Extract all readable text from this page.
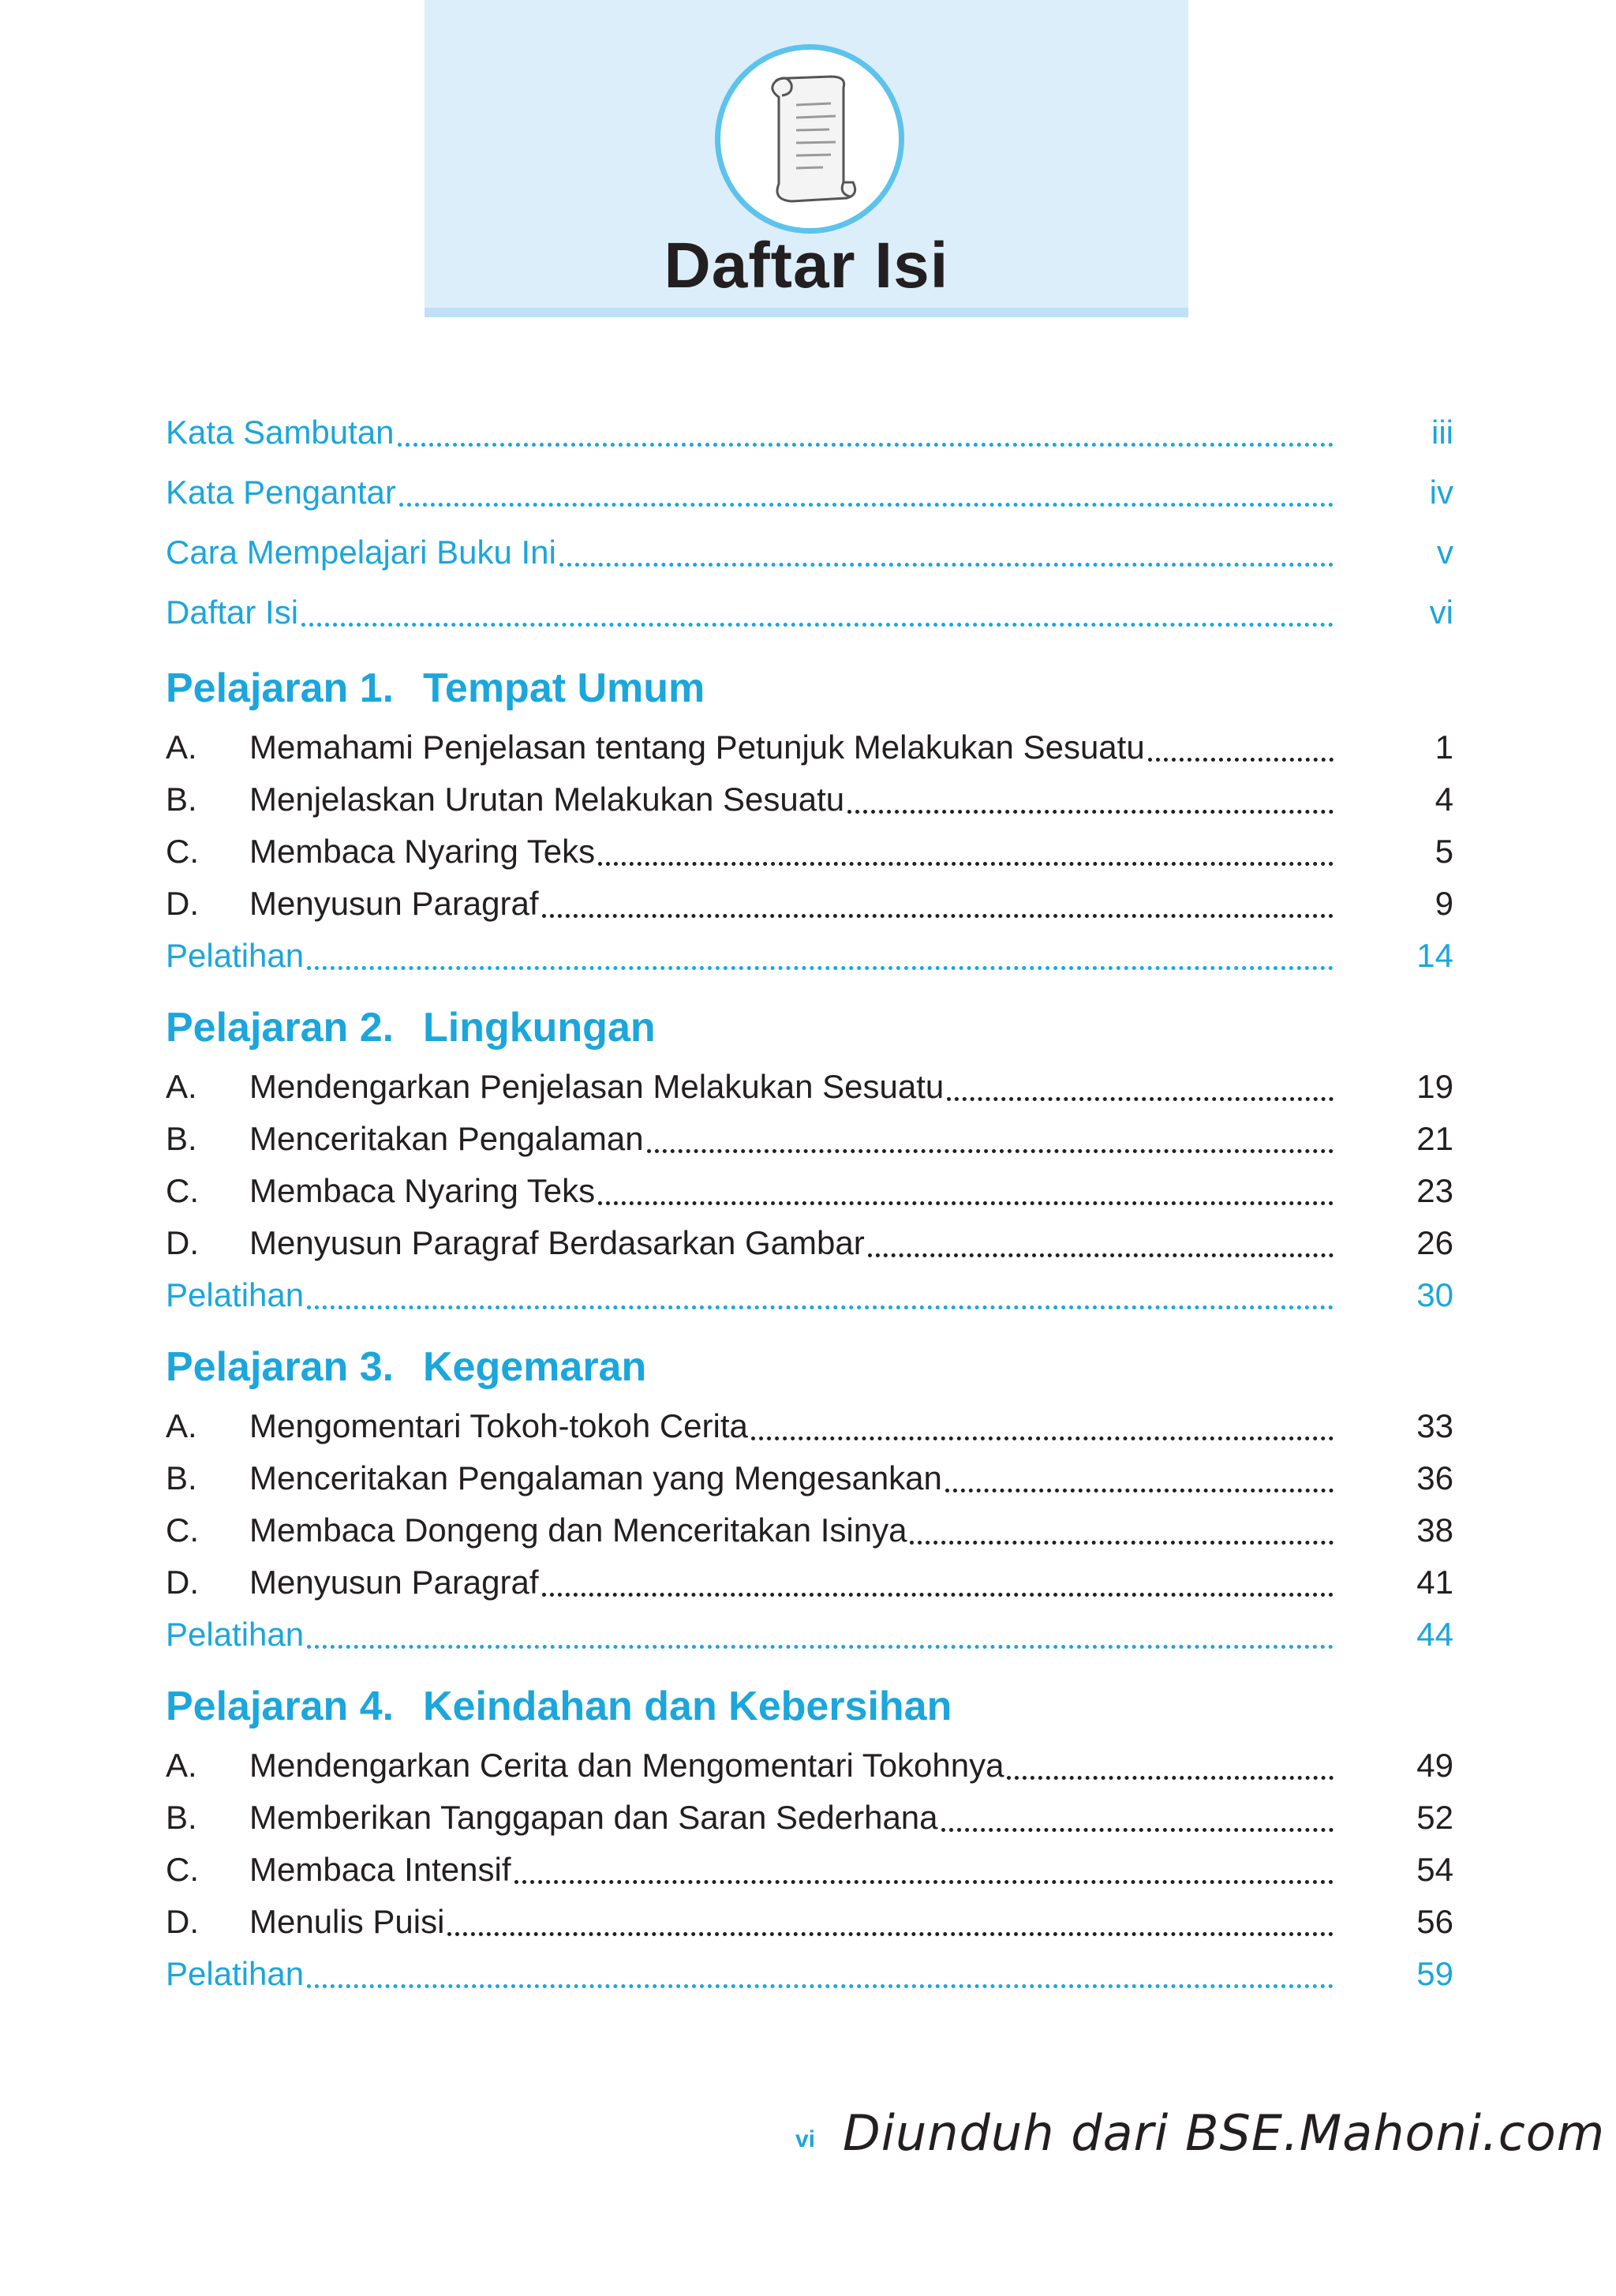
Daftar Isi
Kata Sambutan	iii
Kata Pengantar	iv
Cara Mempelajari Buku Ini	v
Daftar Isi	vi
Pelajaran 1. Tempat Umum
A.	Memahami Penjelasan tentang Petunjuk Melakukan Sesuatu	1
B.	Menjelaskan Urutan Melakukan Sesuatu	4
C.	Membaca Nyaring Teks	5
D.	Menyusun Paragraf	9
Pelatihan	14
Pelajaran 2. Lingkungan
A.	Mendengarkan Penjelasan Melakukan Sesuatu	19
B.	Menceritakan Pengalaman	21
C.	Membaca Nyaring Teks	23
D.	Menyusun Paragraf Berdasarkan Gambar	26
Pelatihan	30
Pelajaran 3. Kegemaran
A.	Mengomentari Tokoh-tokoh Cerita	33
B.	Menceritakan Pengalaman yang Mengesankan	36
C.	Membaca Dongeng dan Menceritakan Isinya	38
D.	Menyusun Paragraf	41
Pelatihan	44
Pelajaran 4. Keindahan dan Kebersihan
A.	Mendengarkan Cerita dan Mengomentari Tokohnya	49
B.	Memberikan Tanggapan dan Saran Sederhana	52
C.	Membaca Intensif	54
D.	Menulis Puisi	56
Pelatihan	59
vi Diunduh dari BSE.Mahoni.com
